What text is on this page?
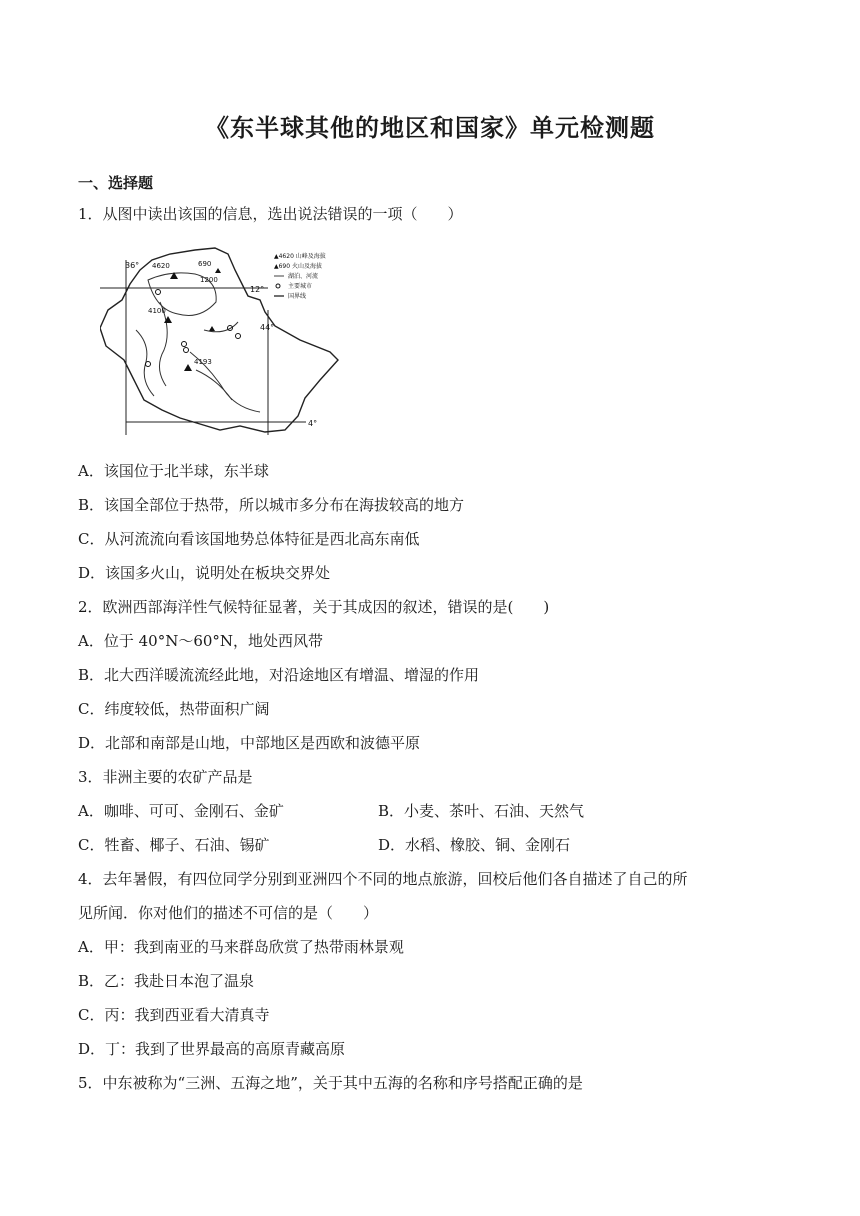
《东半球其他的地区和国家》单元检测题
一、选择题
1．从图中读出该国的信息，选出说法错误的一项（　　）
36°
12°
44°
4°
4620	690
1200
4100
4193
▲4620 山峰及海拔
▲690 火山及海拔
湖泊、河流
主要城市
国界线
A．该国位于北半球，东半球
B．该国全部位于热带，所以城市多分布在海拔较高的地方
C．从河流流向看该国地势总体特征是西北高东南低
D．该国多火山，说明处在板块交界处
2．欧洲西部海洋性气候特征显著，关于其成因的叙述，错误的是(　　)
A．位于 40°N～60°N，地处西风带
B．北大西洋暖流流经此地，对沿途地区有增温、增湿的作用
C．纬度较低，热带面积广阔
D．北部和南部是山地，中部地区是西欧和波德平原
3．非洲主要的农矿产品是
A．咖啡、可可、金刚石、金矿	B．小麦、茶叶、石油、天然气
C．牲畜、椰子、石油、锡矿	D．水稻、橡胶、铜、金刚石
4．去年暑假，有四位同学分别到亚洲四个不同的地点旅游，回校后他们各自描述了自己的所
见所闻．你对他们的描述不可信的是（　　）
A．甲：我到南亚的马来群岛欣赏了热带雨林景观
B．乙：我赴日本泡了温泉
C．丙：我到西亚看大清真寺
D．丁：我到了世界最高的高原青藏高原
5．中东被称为“三洲、五海之地”，关于其中五海的名称和序号搭配正确的是
